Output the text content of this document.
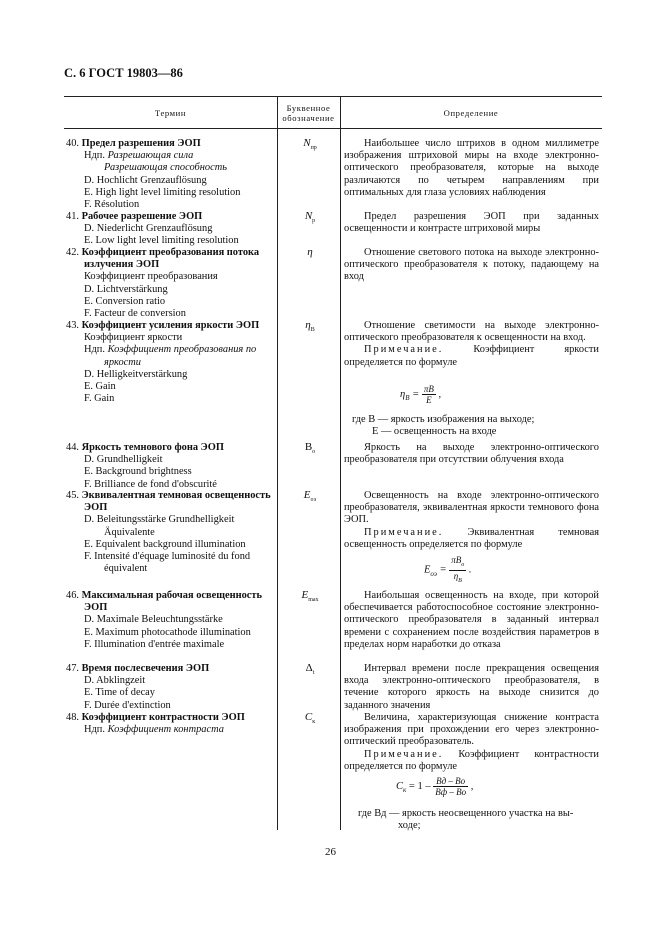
С. 6 ГОСТ 19803—86
Термин	Буквенное
обозначение	Определение
40. Предел разрешения ЭОП
Ндп. Разрешающая сила
Разрешающая способность
D. Hochlicht Grenzauflösung
E. High light level limiting resolution
F. Résolution
$N_{пр}$	Наибольшее число штрихов в одном миллиметре изображения штриховой миры на входе электронно-оптического преобразователя, которые на выходе различаются по четырем направлениям при оптимальных для глаза условиях наблюдения

41. Рабочее разрешение ЭОП
D. Niederlicht Grenzauflösung
E. Low light level limiting resolution
$N_р$	Предел разрешения ЭОП при заданных освещенности и контрасте штриховой миры

42. Коэффициент преобразования потока
излучения ЭОП
Коэффициент преобразования
D. Lichtverstärkung
E. Conversion ratio
F. Facteur de conversion
η	Отношение светового потока на выходе электронно-оптического преобразователя к потоку, падающему на вход

43. Коэффициент усиления яркости ЭОП
Коэффициент яркости
Ндп. Коэффициент преобразования по
яркости
D. Helligkeitverstärkung
E. Gain
F. Gain
$\eta_B$	Отношение светимости на выходе электронно-оптического преобразователя к освещенности на вход.

Примечание.	Коэффициент яркости определяется по формуле

$\eta_B = \frac{\pi B}{E}$ ,

где В — яркость изображения на выходе;

E — освещенность на входе

44. Яркость темнового фона ЭОП
D. Grundhelligkeit
E. Background brightness
F. Brilliance de fond d'obscurité
$B_о$	Яркость на выходе электронно-оптического преобразователя при отсутствии облучения входа

45. Эквивалентная темновая освещенность
ЭОП
D. Beleitungsstärke Grundhelligkeit
Äquivalente
E. Equivalent background illumination
F. Intensité d'équage luminosité du fond
équivalent
$E_{оэ}$	Освещенность на входе электронно-оптического преобразователя, эквивалентная яркости темнового фона ЭОП.

Примечание. Эквивалентная темновая освещенность определяется по формуле

$E_{оэ} = \frac{\pi B_о}{\eta_B}$ .
46. Максимальная рабочая освещенность
ЭОП
D. Maximale Beleuchtungsstärke
E. Maximum photocathode illumination
F. Illumination d'entrée maximale
$E_{max}$	Наибольшая освещенность на входе, при которой обеспечивается работоспособное состояние электронно-оптического преобразователя в заданный интервал времени с сохранением после воздействия параметров в пределах норм наработки до отказа

47. Время послесвечения ЭОП
D. Abklingzeit
E. Time of decay
F. Durée d'extinction
$\Delta_t$	Интервал времени после прекращения освещения входа электронно-оптического преобразователя, в течение которого яркость на выходе снизится до заданного значения

48. Коэффициент контрастности ЭОП
Ндп. Коэффициент контраста
$C_к$	Величина, характеризующая снижение контраста изображения при прохождении его через электронно-оптический преобразователь.

Примечание. Коэффициент контрастности определяется по формуле

$C_к = 1 - \frac{Bд - Bо}{Bф - Bо}$ ,

где Bд — яркость неосвещенного участка на вы-

ходе;

26
